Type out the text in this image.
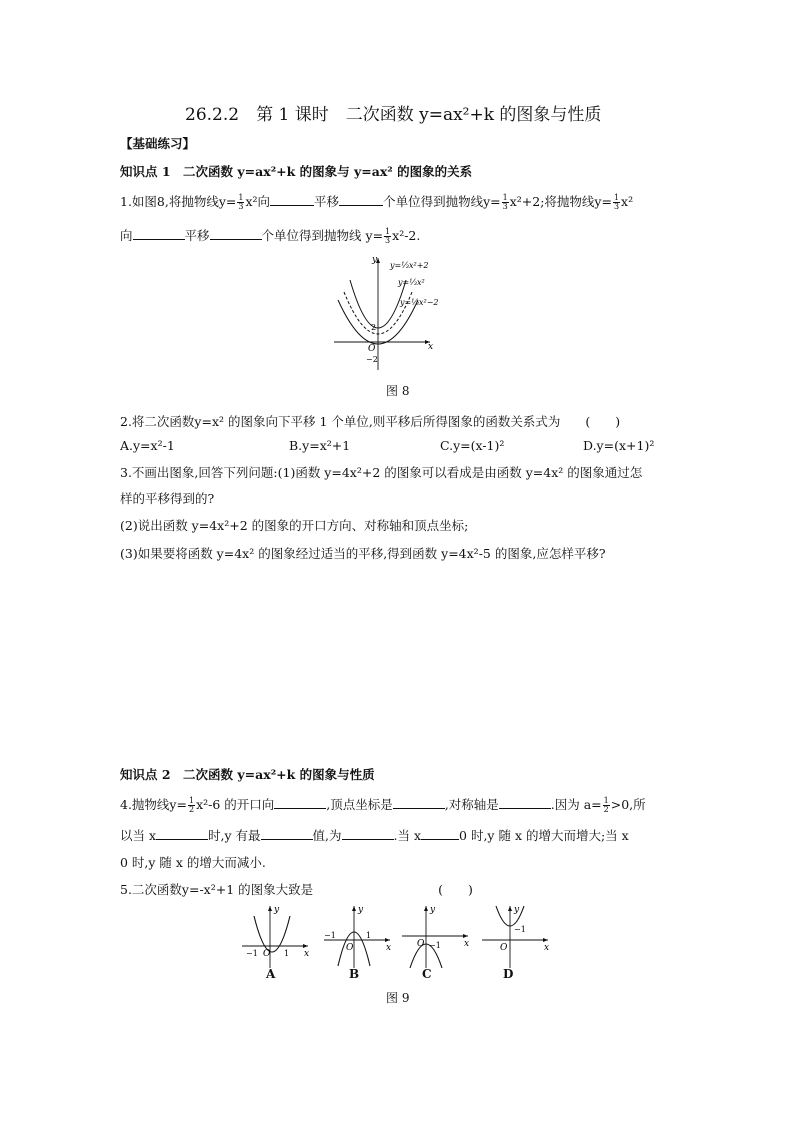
26.2.2　第 1 课时　二次函数 y=ax²+k 的图象与性质
【基础练习】
知识点 1　二次函数 y=ax²+k 的图象与 y=ax² 的图象的关系
1.如图8,将抛物线$y= \frac{1}{3} x^2$向	平移	个单位得到抛物线$y= \frac{1}{3} x^2+2$;将抛物线$y= \frac{1}{3} x^2$
向	平移	个单位得到抛物线 $y= \frac{1}{3} x^2-2$.
y
x
O
2
−2
y=⅓x²+2
y=⅓x²
y=⅓x²−2
图 8
2.将二次函数y=x² 的图象向下平移 1 个单位,则平移后所得图象的函数关系式为　　(　　)
A.y=x²-1	B.y=x²+1	C.y=(x-1)²	D.y=(x+1)²
3.不画出图象,回答下列问题:(1)函数 y=4x²+2 的图象可以看成是由函数 y=4x² 的图象通过怎
样的平移得到的?
(2)说出函数 y=4x²+2 的图象的开口方向、对称轴和顶点坐标;
(3)如果要将函数 y=4x² 的图象经过适当的平移,得到函数 y=4x²-5 的图象,应怎样平移?
知识点 2　二次函数 y=ax²+k 的图象与性质
4.抛物线$y= \frac{1}{2} x^2-6$ 的开口向	,顶点坐标是	,对称轴是	.因为 $a= \frac{1}{2} >0$,所
以当 x	时,y 有最	值,为	.当 x	0 时,y 随 x 的增大而增大;当 x
0 时,y 随 x 的增大而减小.
5.二次函数y=-x²+1 的图象大致是　　　　　　　　　　(　　)
y
x
O
−1	1
A
y
x
O
−1	1
B
y
x
O −1
C
y
x
O
−1
D
图 9
